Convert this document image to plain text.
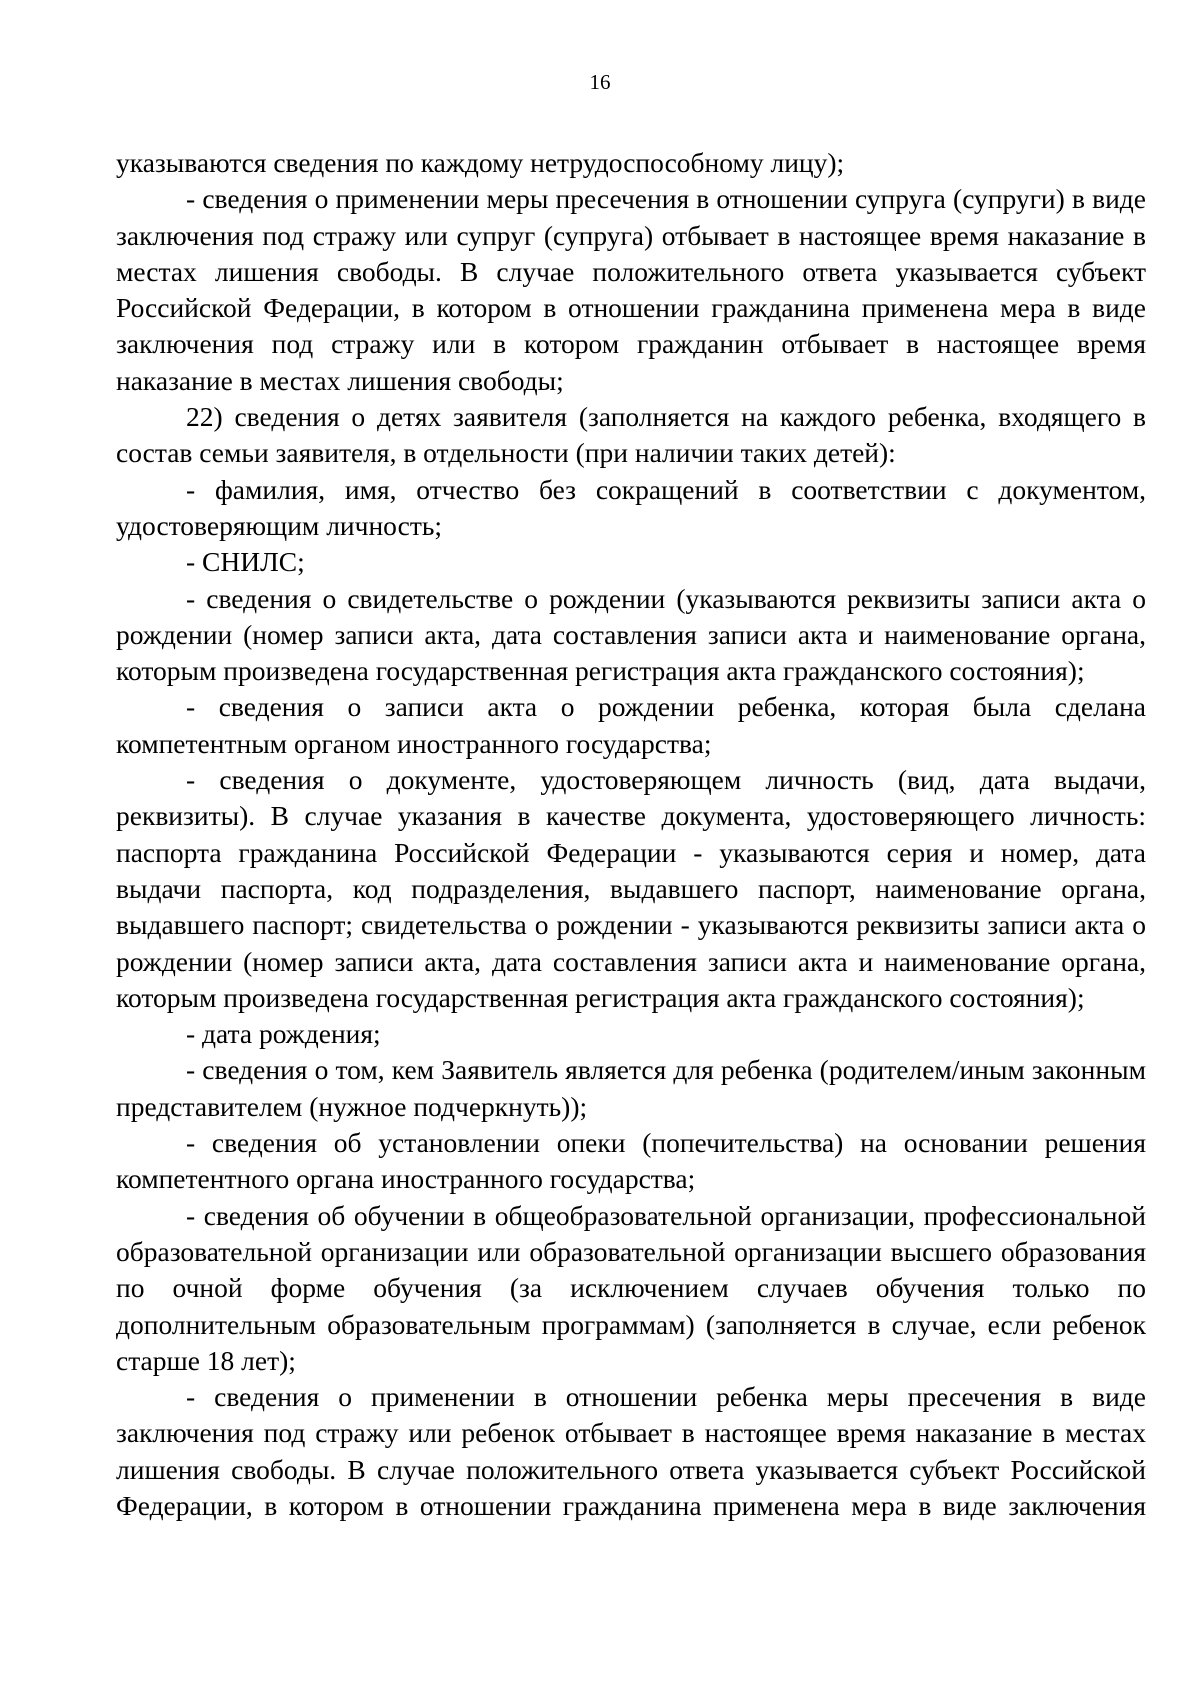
16

указываются сведения по каждому нетрудоспособному лицу);

- сведения о применении меры пресечения в отношении супруга (супруги) в виде заключения под стражу или супруг (супруга) отбывает в настоящее время наказание в местах лишения свободы. В случае положительного ответа указывается субъект Российской Федерации, в котором в отношении гражданина применена мера в виде заключения под стражу или в котором гражданин отбывает в настоящее время наказание в местах лишения свободы;

22) сведения о детях заявителя (заполняется на каждого ребенка, входящего в состав семьи заявителя, в отдельности (при наличии таких детей):

- фамилия, имя, отчество без сокращений в соответствии с документом, удостоверяющим личность;

- СНИЛС;

- сведения о свидетельстве о рождении (указываются реквизиты записи акта о рождении (номер записи акта, дата составления записи акта и наименование органа, которым произведена государственная регистрация акта гражданского состояния);

- сведения о записи акта о рождении ребенка, которая была сделана компетентным органом иностранного государства;

- сведения о документе, удостоверяющем личность (вид, дата выдачи, реквизиты). В случае указания в качестве документа, удостоверяющего личность: паспорта гражданина Российской Федерации - указываются серия и номер, дата выдачи паспорта, код подразделения, выдавшего паспорт, наименование органа, выдавшего паспорт; свидетельства о рождении - указываются реквизиты записи акта о рождении (номер записи акта, дата составления записи акта и наименование органа, которым произведена государственная регистрация акта гражданского состояния);

- дата рождения;

- сведения о том, кем Заявитель является для ребенка (родителем/иным законным представителем (нужное подчеркнуть));

- сведения об установлении опеки (попечительства) на основании решения компетентного органа иностранного государства;

- сведения об обучении в общеобразовательной организации, профессиональной образовательной организации или образовательной организации высшего образования по очной форме обучения (за исключением случаев обучения только по дополнительным образовательным программам) (заполняется в случае, если ребенок старше 18 лет);

- сведения о применении в отношении ребенка меры пресечения в виде заключения под стражу или ребенок отбывает в настоящее время наказание в местах лишения свободы. В случае положительного ответа указывается субъект Российской Федерации, в котором в отношении гражданина применена мера в виде заключения
